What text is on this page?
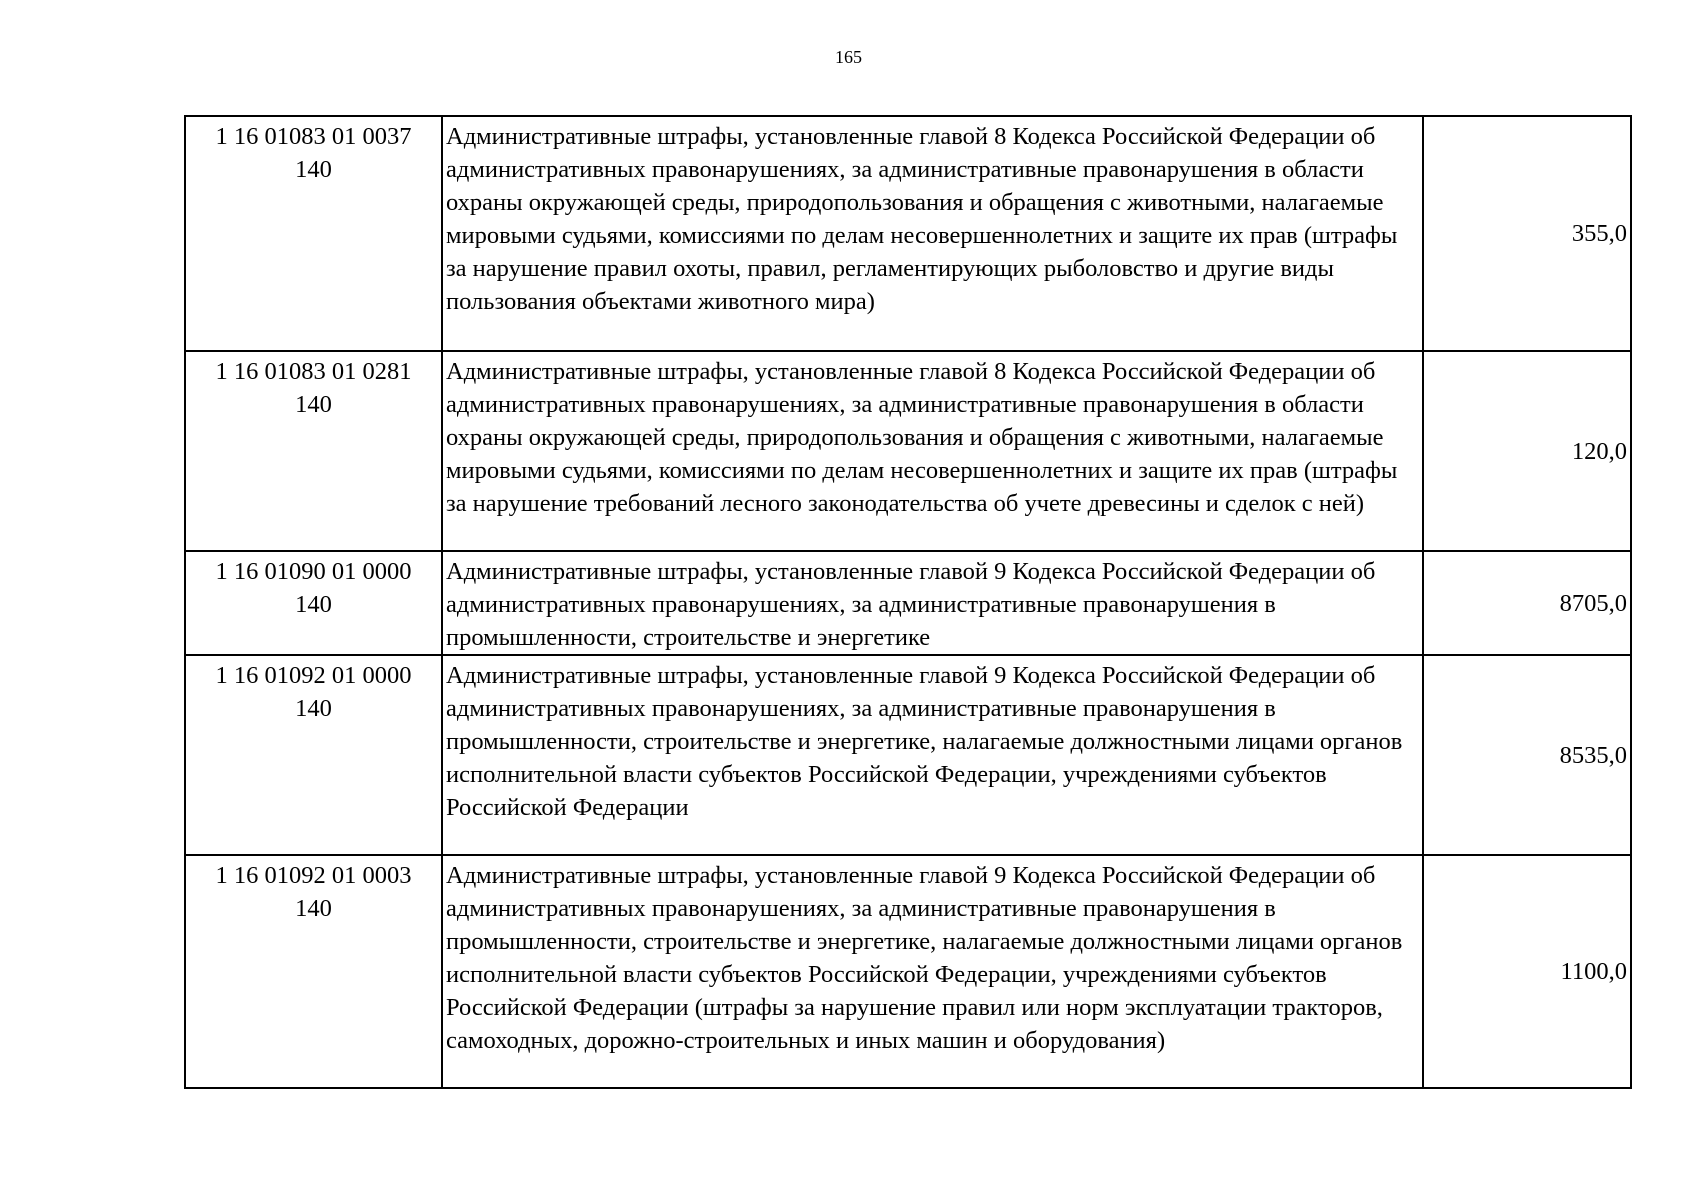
165
1 16 01083 01 0037
140	Административные штрафы, установленные главой 8 Кодекса Российской Федерации об административных правонарушениях, за административные правонарушения в области охраны окружающей среды, природопользования и обращения с животными, налагаемые мировыми судьями, комиссиями по делам несовершеннолетних и защите их прав (штрафы за нарушение правил охоты, правил, регламентирующих рыболовство и другие виды пользования объектами животного мира)	355,0

1 16 01083 01 0281
140	Административные штрафы, установленные главой 8 Кодекса Российской Федерации об административных правонарушениях, за административные правонарушения в области охраны окружающей среды, природопользования и обращения с животными, налагаемые мировыми судьями, комиссиями по делам несовершеннолетних и защите их прав (штрафы за нарушение требований лесного законодательства об учете древесины и сделок с ней)	120,0

1 16 01090 01 0000
140	Административные штрафы, установленные главой 9 Кодекса Российской Федерации об административных правонарушениях, за административные правонарушения в промышленности, строительстве и энергетике	8705,0

1 16 01092 01 0000
140	Административные штрафы, установленные главой 9 Кодекса Российской Федерации об административных правонарушениях, за административные правонарушения в промышленности, строительстве и энергетике, налагаемые должностными лицами органов исполнительной власти субъектов Российской Федерации, учреждениями субъектов Российской Федерации	8535,0

1 16 01092 01 0003
140	Административные штрафы, установленные главой 9 Кодекса Российской Федерации об административных правонарушениях, за административные правонарушения в промышленности, строительстве и энергетике, налагаемые должностными лицами органов исполнительной власти субъектов Российской Федерации, учреждениями субъектов Российской Федерации (штрафы за нарушение правил или норм эксплуатации тракторов, самоходных, дорожно-строительных и иных машин и оборудования)	1100,0
